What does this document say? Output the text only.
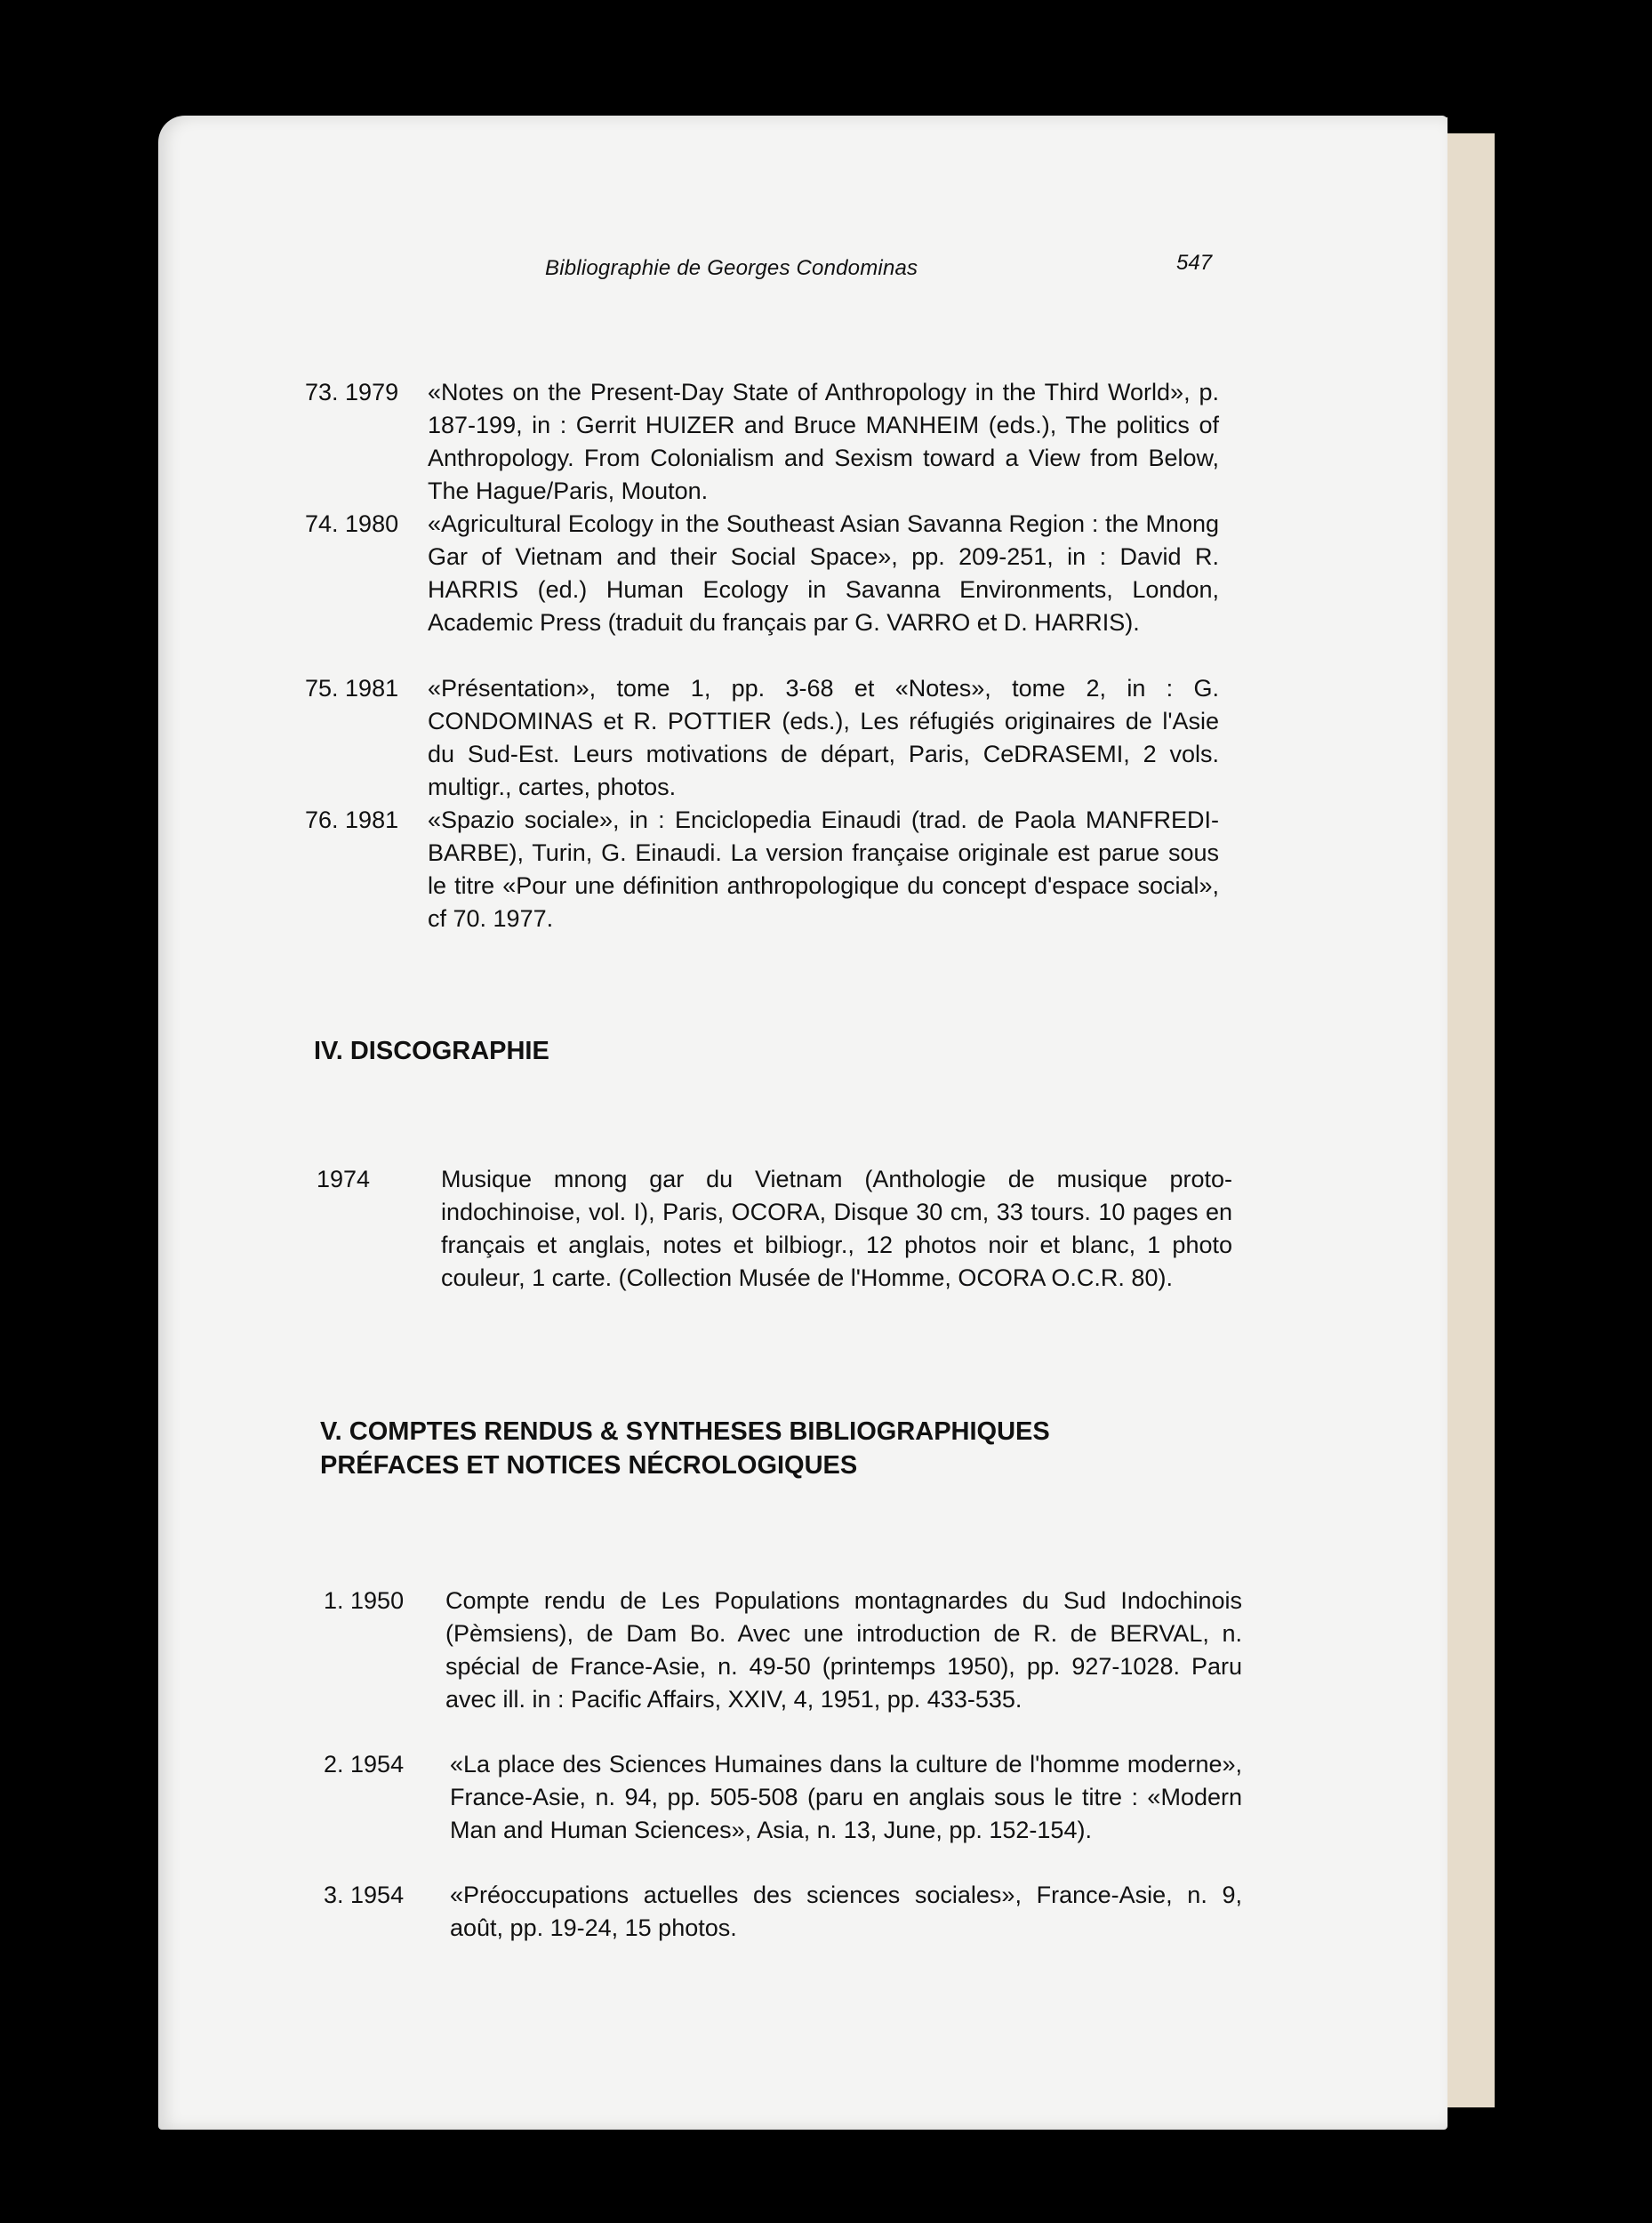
Bibliographie de Georges Condominas	547
73. 1979 «Notes on the Present-Day State of Anthropology in the Third World», p. 187-199, in : Gerrit HUIZER and Bruce MANHEIM (eds.), The politics of Anthropology. From Colonialism and Sexism toward a View from Below, The Hague/Paris, Mouton.
74. 1980 «Agricultural Ecology in the Southeast Asian Savanna Region : the Mnong Gar of Vietnam and their Social Space», pp. 209-251, in : David R. HARRIS (ed.) Human Ecology in Savanna Environments, London, Academic Press (traduit du français par G. VARRO et D. HARRIS).
75. 1981 «Présentation», tome 1, pp. 3-68 et «Notes», tome 2, in : G. CONDOMINAS et R. POTTIER (eds.), Les réfugiés originaires de l'Asie du Sud-Est. Leurs motivations de départ, Paris, CeDRASEMI, 2 vols. multigr., cartes, photos.
76. 1981 «Spazio sociale», in : Enciclopedia Einaudi (trad. de Paola MANFREDI-BARBE), Turin, G. Einaudi. La version française originale est parue sous le titre «Pour une définition anthropologique du concept d'espace social», cf 70. 1977.
IV. DISCOGRAPHIE
1974	Musique mnong gar du Vietnam (Anthologie de musique proto-indochinoise, vol. I), Paris, OCORA, Disque 30 cm, 33 tours. 10 pages en français et anglais, notes et bilbiogr., 12 photos noir et blanc, 1 photo couleur, 1 carte. (Collection Musée de l'Homme, OCORA O.C.R. 80).
V. COMPTES RENDUS & SYNTHESES BIBLIOGRAPHIQUES
PRÉFACES ET NOTICES NÉCROLOGIQUES
1. 1950 Compte rendu de Les Populations montagnardes du Sud Indochinois (Pèmsiens), de Dam Bo. Avec une introduction de R. de BERVAL, n. spécial de France-Asie, n. 49-50 (printemps 1950), pp. 927-1028. Paru avec ill. in : Pacific Affairs, XXIV, 4, 1951, pp. 433-535.
2. 1954 «La place des Sciences Humaines dans la culture de l'homme moderne», France-Asie, n. 94, pp. 505-508 (paru en anglais sous le titre : «Modern Man and Human Sciences», Asia, n. 13, June, pp. 152-154).
3. 1954 «Préoccupations actuelles des sciences sociales», France-Asie, n. 9, août, pp. 19-24, 15 photos.
